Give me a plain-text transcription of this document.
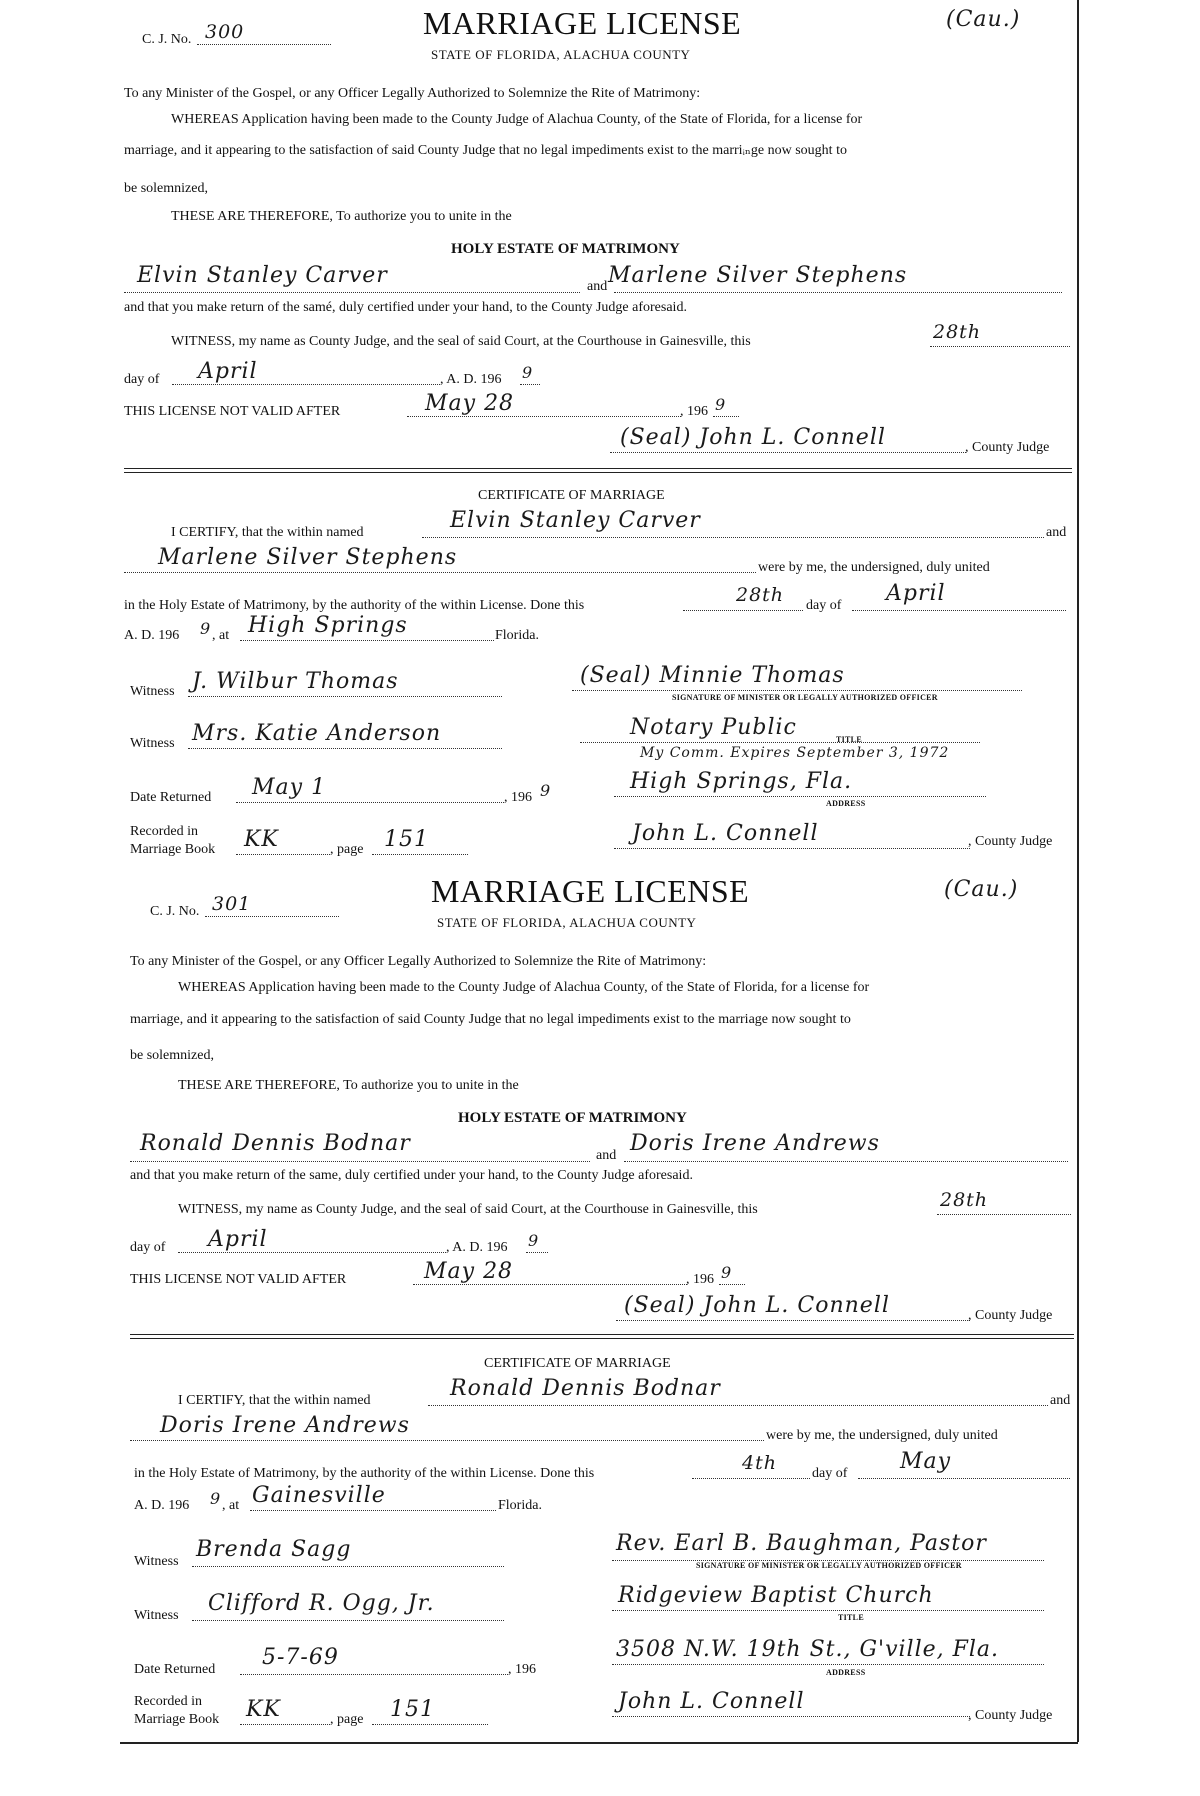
C. J. No. 300	MARRIAGE LICENSE
STATE OF FLORIDA, ALACHUA COUNTY
(Cau.)
To any Minister of the Gospel, or any Officer Legally Authorized to Solemnize the Rite of Matrimony:
WHEREAS Application having been made to the County Judge of Alachua County, of the State of Florida, for a license for
marriage, and it appearing to the satisfaction of said County Judge that no legal impediments exist to the marriᵢₙge now sought to
be solemnized,
THESE ARE THEREFORE, To authorize you to unite in the
HOLY ESTATE OF MATRIMONY
Elvin Stanley Carver	and Marlene Silver Stephens
and that you make return of the samé, duly certified under your hand, to the County Judge aforesaid.
WITNESS, my name as County Judge, and the seal of said Court, at the Courthouse in Gainesville, this	28th
day of April	, A. D. 196 9
THIS LICENSE NOT VALID AFTER	May 28	, 196 9
(Seal) John L. Connell	, County Judge
CERTIFICATE OF MARRIAGE
I CERTIFY, that the within named	Elvin Stanley Carver	and
Marlene Silver Stephens	were by me, the undersigned, duly united
in the Holy Estate of Matrimony, by the authority of the within License. Done this	28th day of April
A. D. 196 9 , at High Springs	Florida.
Witness J. Wilbur Thomas	(Seal) Minnie Thomas
SIGNATURE OF MINISTER OR LEGALLY AUTHORIZED OFFICER
Witness Mrs. Katie Anderson	Notary Public	TITLE
My Comm. Expires September 3, 1972
Date Returned May 1	, 196 9	High Springs, Fla.
ADDRESS
Recorded in
Marriage Book KK	, page 151	John L. Connell	, County Judge
C. J. No. 301	MARRIAGE LICENSE
STATE OF FLORIDA, ALACHUA COUNTY
(Cau.)
To any Minister of the Gospel, or any Officer Legally Authorized to Solemnize the Rite of Matrimony:
WHEREAS Application having been made to the County Judge of Alachua County, of the State of Florida, for a license for
marriage, and it appearing to the satisfaction of said County Judge that no legal impediments exist to the marriage now sought to
be solemnized,
THESE ARE THEREFORE, To authorize you to unite in the
HOLY ESTATE OF MATRIMONY
Ronald Dennis Bodnar	and Doris Irene Andrews
and that you make return of the same, duly certified under your hand, to the County Judge aforesaid.
WITNESS, my name as County Judge, and the seal of said Court, at the Courthouse in Gainesville, this	28th
day of April	, A. D. 196 9
THIS LICENSE NOT VALID AFTER	May 28	, 196 9
(Seal) John L. Connell	, County Judge
CERTIFICATE OF MARRIAGE
I CERTIFY, that the within named	Ronald Dennis Bodnar	and
Doris Irene Andrews	were by me, the undersigned, duly united
in the Holy Estate of Matrimony, by the authority of the within License. Done this	4th	day of May
A. D. 196 9 , at Gainesville	Florida.
Witness Brenda Sagg	Rev. Earl B. Baughman, Pastor
SIGNATURE OF MINISTER OR LEGALLY AUTHORIZED OFFICER
Witness Clifford R. Ogg, Jr.	Ridgeview Baptist Church
TITLE
Date Returned 5-7-69	, 196
3508 N.W. 19th St., G'ville, Fla.
ADDRESS
Recorded in
Marriage Book KK	, page 151	John L. Connell
, County Judge
